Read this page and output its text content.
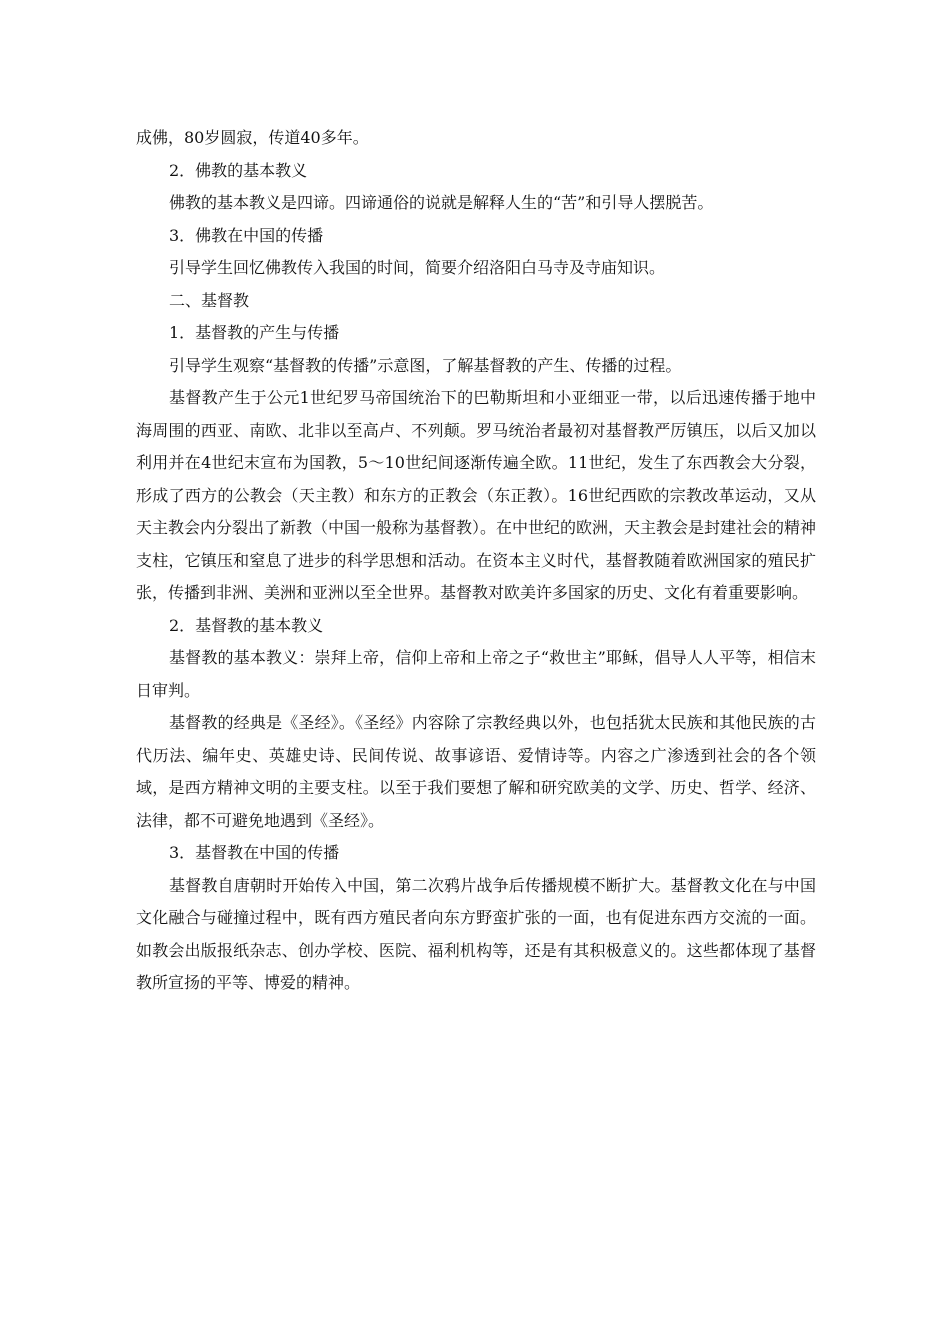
成佛，80岁圆寂，传道40多年。

2．佛教的基本教义

佛教的基本教义是四谛。四谛通俗的说就是解释人生的“苦”和引导人摆脱苦。

3．佛教在中国的传播

引导学生回忆佛教传入我国的时间，简要介绍洛阳白马寺及寺庙知识。

二、基督教

1．基督教的产生与传播

引导学生观察“基督教的传播”示意图，了解基督教的产生、传播的过程。

基督教产生于公元1世纪罗马帝国统治下的巴勒斯坦和小亚细亚一带，以后迅速传播于地中海周围的西亚、南欧、北非以至高卢、不列颠。罗马统治者最初对基督教严厉镇压，以后又加以利用并在4世纪末宣布为国教，5～10世纪间逐渐传遍全欧。11世纪，发生了东西教会大分裂，形成了西方的公教会（天主教）和东方的正教会（东正教）。16世纪西欧的宗教改革运动，又从天主教会内分裂出了新教（中国一般称为基督教）。在中世纪的欧洲，天主教会是封建社会的精神支柱，它镇压和窒息了进步的科学思想和活动。在资本主义时代，基督教随着欧洲国家的殖民扩张，传播到非洲、美洲和亚洲以至全世界。基督教对欧美许多国家的历史、文化有着重要影响。

2．基督教的基本教义

基督教的基本教义：崇拜上帝，信仰上帝和上帝之子“救世主”耶稣，倡导人人平等，相信末日审判。

基督教的经典是《圣经》。《圣经》内容除了宗教经典以外，也包括犹太民族和其他民族的古代历法、编年史、英雄史诗、民间传说、故事谚语、爱情诗等。内容之广渗透到社会的各个领域，是西方精神文明的主要支柱。以至于我们要想了解和研究欧美的文学、历史、哲学、经济、法律，都不可避免地遇到《圣经》。

3．基督教在中国的传播

基督教自唐朝时开始传入中国，第二次鸦片战争后传播规模不断扩大。基督教文化在与中国文化融合与碰撞过程中，既有西方殖民者向东方野蛮扩张的一面，也有促进东西方交流的一面。如教会出版报纸杂志、创办学校、医院、福利机构等，还是有其积极意义的。这些都体现了基督教所宣扬的平等、博爱的精神。
